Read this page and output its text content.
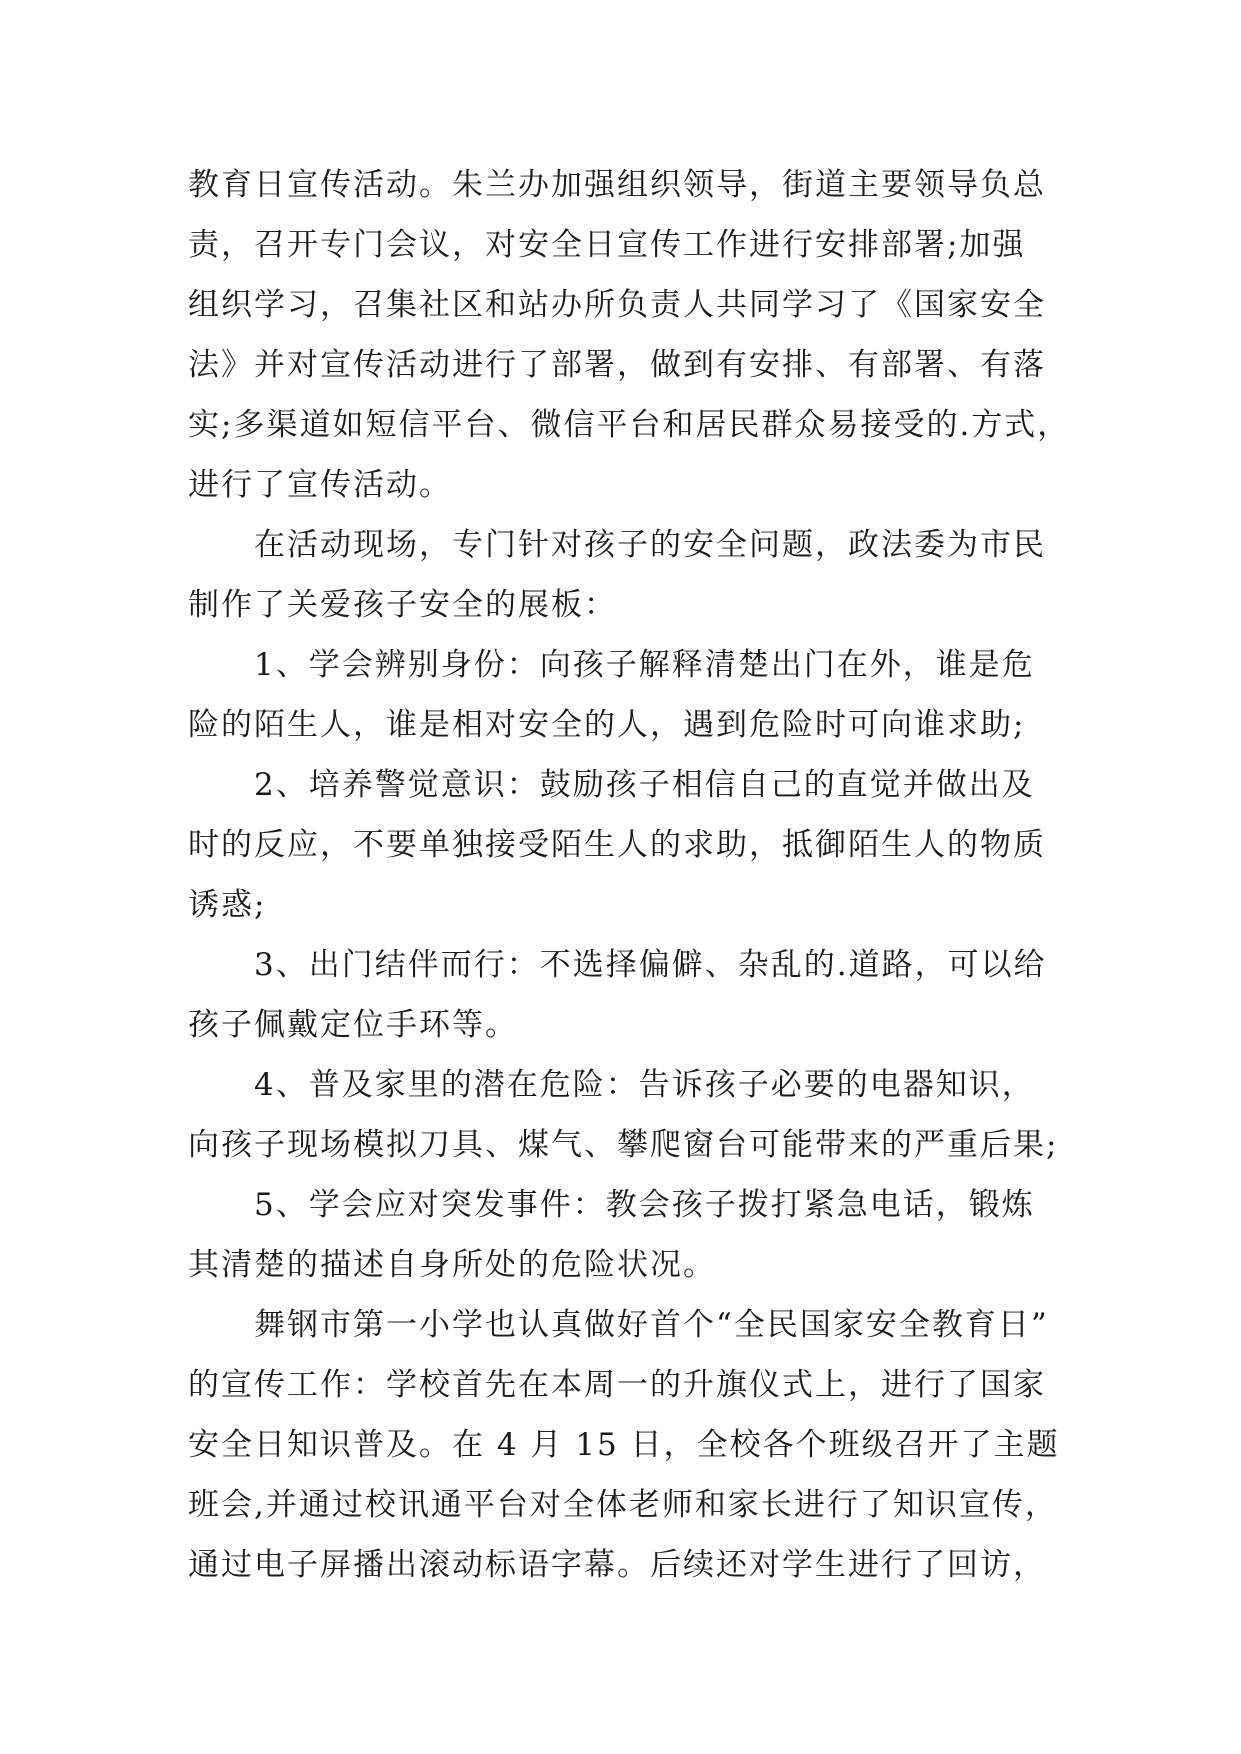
教育日宣传活动。朱兰办加强组织领导，街道主要领导负总
责，召开专门会议，对安全日宣传工作进行安排部署;加强
组织学习，召集社区和站办所负责人共同学习了《国家安全
法》并对宣传活动进行了部署，做到有安排、有部署、有落
实;多渠道如短信平台、微信平台和居民群众易接受的.方式，
进行了宣传活动。
在活动现场，专门针对孩子的安全问题，政法委为市民
制作了关爱孩子安全的展板：
1、学会辨别身份：向孩子解释清楚出门在外，谁是危
险的陌生人，谁是相对安全的人，遇到危险时可向谁求助;
2、培养警觉意识：鼓励孩子相信自己的直觉并做出及
时的反应，不要单独接受陌生人的求助，抵御陌生人的物质
诱惑;
3、出门结伴而行：不选择偏僻、杂乱的.道路，可以给
孩子佩戴定位手环等。
4、普及家里的潜在危险：告诉孩子必要的电器知识，
向孩子现场模拟刀具、煤气、攀爬窗台可能带来的严重后果;
5、学会应对突发事件：教会孩子拨打紧急电话，锻炼
其清楚的描述自身所处的危险状况。
舞钢市第一小学也认真做好首个“全民国家安全教育日”
的宣传工作：学校首先在本周一的升旗仪式上，进行了国家
安全日知识普及。在 4 月 15 日，全校各个班级召开了主题
班会,并通过校讯通平台对全体老师和家长进行了知识宣传，
通过电子屏播出滚动标语字幕。后续还对学生进行了回访，
